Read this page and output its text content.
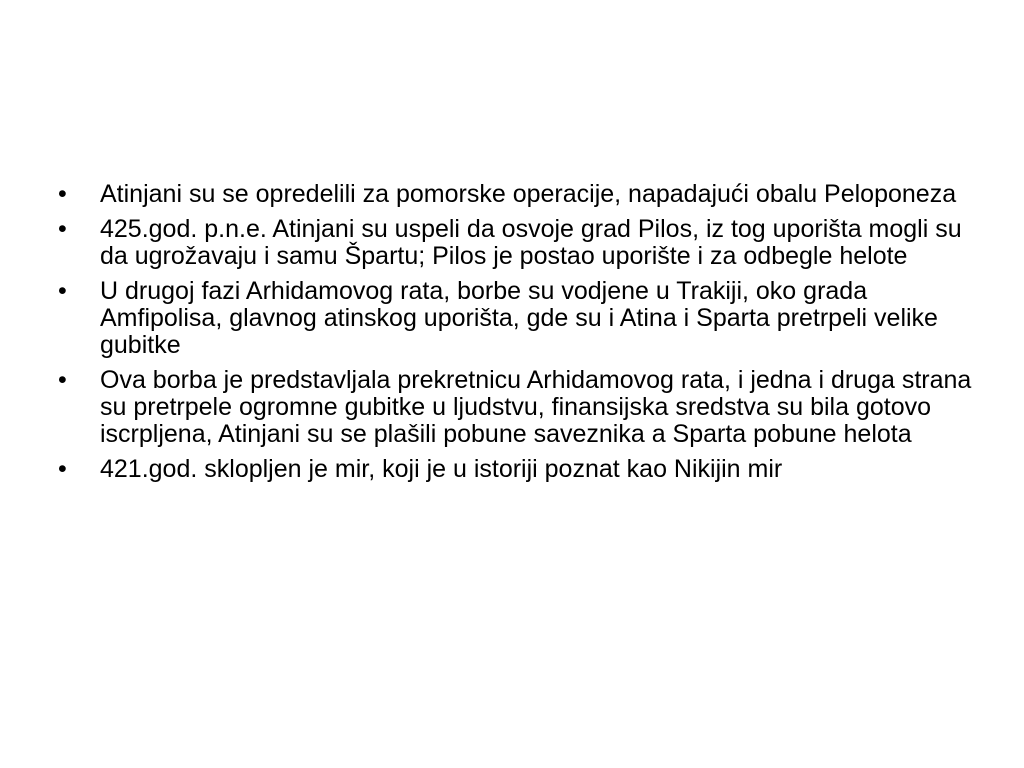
•	Atinjani su se opredelili za pomorske operacije, napadajući obalu Peloponeza
•	425.god. p.n.e. Atinjani su uspeli da osvoje grad Pilos, iz tog uporišta mogli su da ugrožavaju i samu Špartu; Pilos je postao uporište i za odbegle helote
•	U drugoj fazi Arhidamovog rata, borbe su vodjene u Trakiji, oko grada Amfipolisa, glavnog atinskog uporišta, gde su i Atina i Sparta pretrpeli velike gubitke
•	Ova borba je predstavljala prekretnicu Arhidamovog rata, i jedna i druga strana su pretrpele ogromne gubitke u ljudstvu, finansijska sredstva su bila gotovo iscrpljena, Atinjani su se plašili pobune saveznika a Sparta pobune helota
•	421.god. sklopljen je mir, koji je u istoriji poznat kao Nikijin mir
